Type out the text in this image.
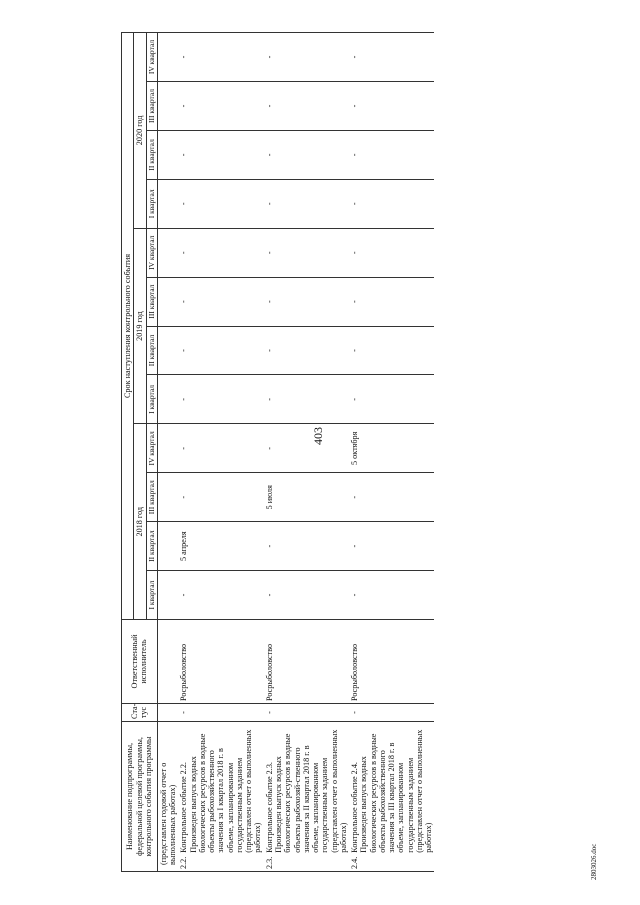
403
2803026.doc
Наименование подпрограммы, федеральной целевой программы, контрольного события программы	Ста-тус	Ответственный исполнитель	Срок наступления контрольного события											
			2018 год				2019 год				2020 год			
			I квартал	II квартал	III квартал	IV квартал	I квартал	II квартал	III квартал	IV квартал	I квартал	II квартал	III квартал	IV квартал

(представлен годовой отчет о выполненных работах)														

2.2.
Контрольное событие 2.2. Произведен выпуск водных биологических ресурсов в водные объекты рыбохозяйственного значения за I квартал 2018 г. в объеме, запланированном государственным заданием (представлен отчет о выполненных работах)	-	Росрыболовство	-	5 апреля	-	-	-	-	-	-	-	-	-	-

2.3.
Контрольное событие 2.3. Произведен выпуск водных биологических ресурсов в водные объекты рыбохозяй-ственного значения за II квартал 2018 г. в объеме, запланированном государственным заданием (представлен отчет о выполненных работах)	-	Росрыболовство	-	-	5 июля	-	-	-	-	-	-	-	-	-

2.4.
Контрольное событие 2.4. Произведен выпуск водных биологических ресурсов в водные объекты рыбохозяйственного значения за III квартал 2018 г. в объеме, запланированном государственным заданием (представлен отчет о выполненных работах)	-	Росрыболовство	-	-	-	5 октября	-	-	-	-	-	-	-	-
